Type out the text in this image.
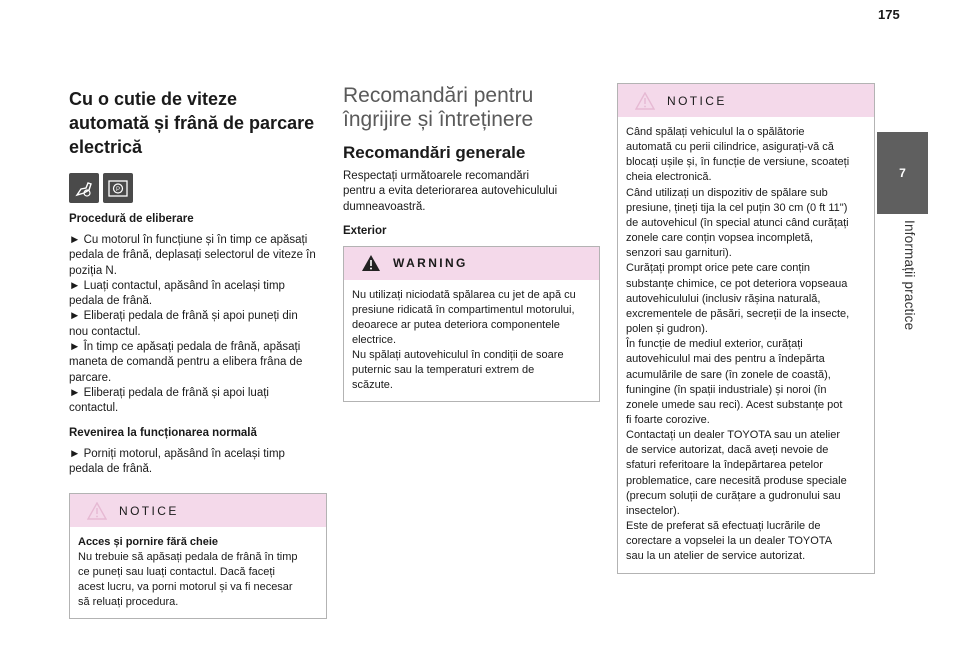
175
7
Informații practice
Cu o cutie de viteze
automată și frână de parcare
electrică
P
Procedură de eliberare
► Cu motorul în funcțiune și în timp ce apăsați
pedala de frână, deplasați selectorul de viteze în
poziția N.
► Luați contactul, apăsând în același timp
pedala de frână.
► Eliberați pedala de frână și apoi puneți din
nou contactul.
► În timp ce apăsați pedala de frână, apăsați
maneta de comandă pentru a elibera frâna de
parcare.
► Eliberați pedala de frână și apoi luați
contactul.
Revenirea la funcționarea normală
► Porniți motorul, apăsând în același timp
pedala de frână.
NOTICE
Acces și pornire fără cheie
Nu trebuie să apăsați pedala de frână în timp
ce puneți sau luați contactul. Dacă faceți
acest lucru, va porni motorul și va fi necesar
să reluați procedura.
Recomandări pentru
îngrijire și întreținere
Recomandări generale
Respectați următoarele recomandări
pentru a evita deteriorarea autovehiculului
dumneavoastră.
Exterior
WARNING
Nu utilizați niciodată spălarea cu jet de apă cu
presiune ridicată în compartimentul motorului,
deoarece ar putea deteriora componentele
electrice.
Nu spălați autovehiculul în condiții de soare
puternic sau la temperaturi extrem de
scăzute.
NOTICE
Când spălați vehiculul la o spălătorie
automată cu perii cilindrice, asigurați-vă că
blocați ușile și, în funcție de versiune, scoateți
cheia electronică.
Când utilizați un dispozitiv de spălare sub
presiune, țineți tija la cel puțin 30 cm (0 ft 11")
de autovehicul (în special atunci când curățați
zonele care conțin vopsea incompletă,
senzori sau garnituri).
Curățați prompt orice pete care conțin
substanțe chimice, ce pot deteriora vopseaua
autovehiculului (inclusiv rășina naturală,
excrementele de păsări, secreții de la insecte,
polen și gudron).
În funcție de mediul exterior, curățați
autovehiculul mai des pentru a îndepărta
acumulările de sare (în zonele de coastă),
funingine (în spații industriale) și noroi (în
zonele umede sau reci). Acest substanțe pot
fi foarte corozive.
Contactați un dealer TOYOTA sau un atelier
de service autorizat, dacă aveți nevoie de
sfaturi referitoare la îndepărtarea petelor
problematice, care necesită produse speciale
(precum soluții de curățare a gudronului sau
insectelor).
Este de preferat să efectuați lucrările de
corectare a vopselei la un dealer TOYOTA
sau la un atelier de service autorizat.
